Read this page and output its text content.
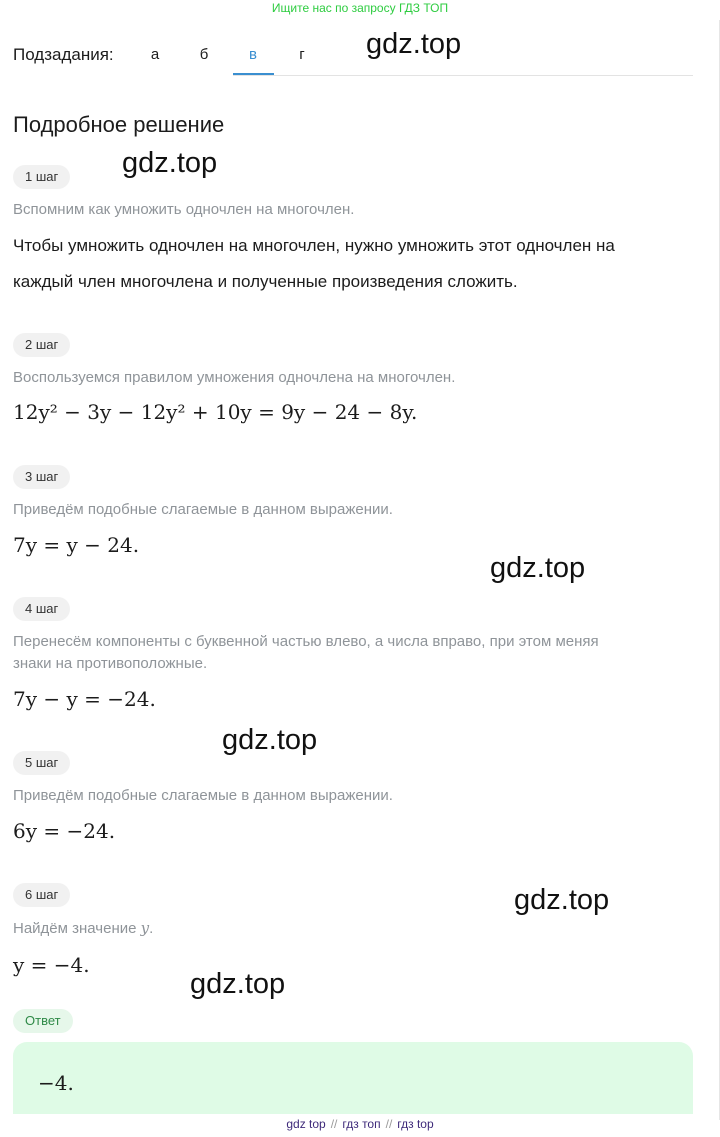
Ищите нас по запросу ГДЗ ТОП
Подзадания:	а	б	в	г	gdz.top
gdz.top
gdz.top
gdz.top
gdz.top
gdz.top
Подробное решение
1 шаг
Вспомним как умножить одночлен на многочлен.
Чтобы умножить одночлен на многочлен, нужно умножить этот одночлен на
каждый член многочлена и полученные произведения сложить.
2 шаг
Воспользуемся правилом умножения одночлена на многочлен.
12y² − 3y − 12y² + 10y = 9y − 24 − 8y.
3 шаг
Приведём подобные слагаемые в данном выражении.
7y = y − 24.
4 шаг
Перенесём компоненты с буквенной частью влево, а числа вправо, при этом меняя
знаки на противоположные.
7y − y = −24.
5 шаг
Приведём подобные слагаемые в данном выражении.
6y = −24.
6 шаг
Найдём значение y.
y = −4.
Ответ
−4.
gdz top // гдз топ // гдз top
